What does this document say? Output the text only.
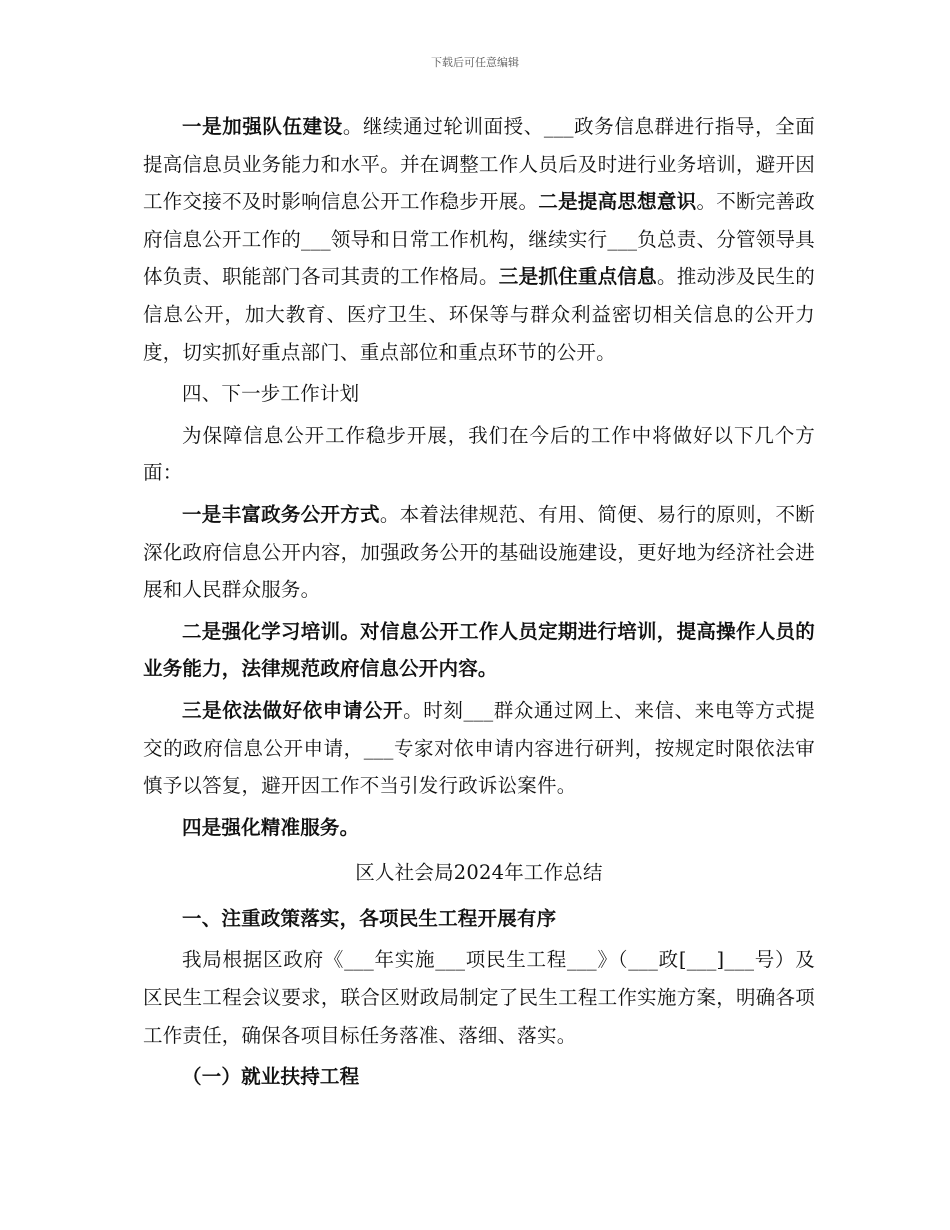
下载后可任意编辑

一是加强队伍建设。继续通过轮训面授、___政务信息群进行指导，全面提高信息员业务能力和水平。并在调整工作人员后及时进行业务培训，避开因工作交接不及时影响信息公开工作稳步开展。二是提高思想意识。不断完善政府信息公开工作的___领导和日常工作机构，继续实行___负总责、分管领导具体负责、职能部门各司其责的工作格局。三是抓住重点信息。推动涉及民生的信息公开，加大教育、医疗卫生、环保等与群众利益密切相关信息的公开力度，切实抓好重点部门、重点部位和重点环节的公开。

四、下一步工作计划

为保障信息公开工作稳步开展，我们在今后的工作中将做好以下几个方面：

一是丰富政务公开方式。本着法律规范、有用、简便、易行的原则，不断深化政府信息公开内容，加强政务公开的基础设施建设，更好地为经济社会进展和人民群众服务。

二是强化学习培训。对信息公开工作人员定期进行培训，提高操作人员的业务能力，法律规范政府信息公开内容。

三是依法做好依申请公开。时刻___群众通过网上、来信、来电等方式提交的政府信息公开申请，___专家对依申请内容进行研判，按规定时限依法审慎予以答复，避开因工作不当引发行政诉讼案件。

四是强化精准服务。

区人社会局2024年工作总结

一、注重政策落实，各项民生工程开展有序

我局根据区政府《___年实施___项民生工程___》（___政[___]___号）及区民生工程会议要求，联合区财政局制定了民生工程工作实施方案，明确各项工作责任，确保各项目标任务落准、落细、落实。

（一）就业扶持工程
